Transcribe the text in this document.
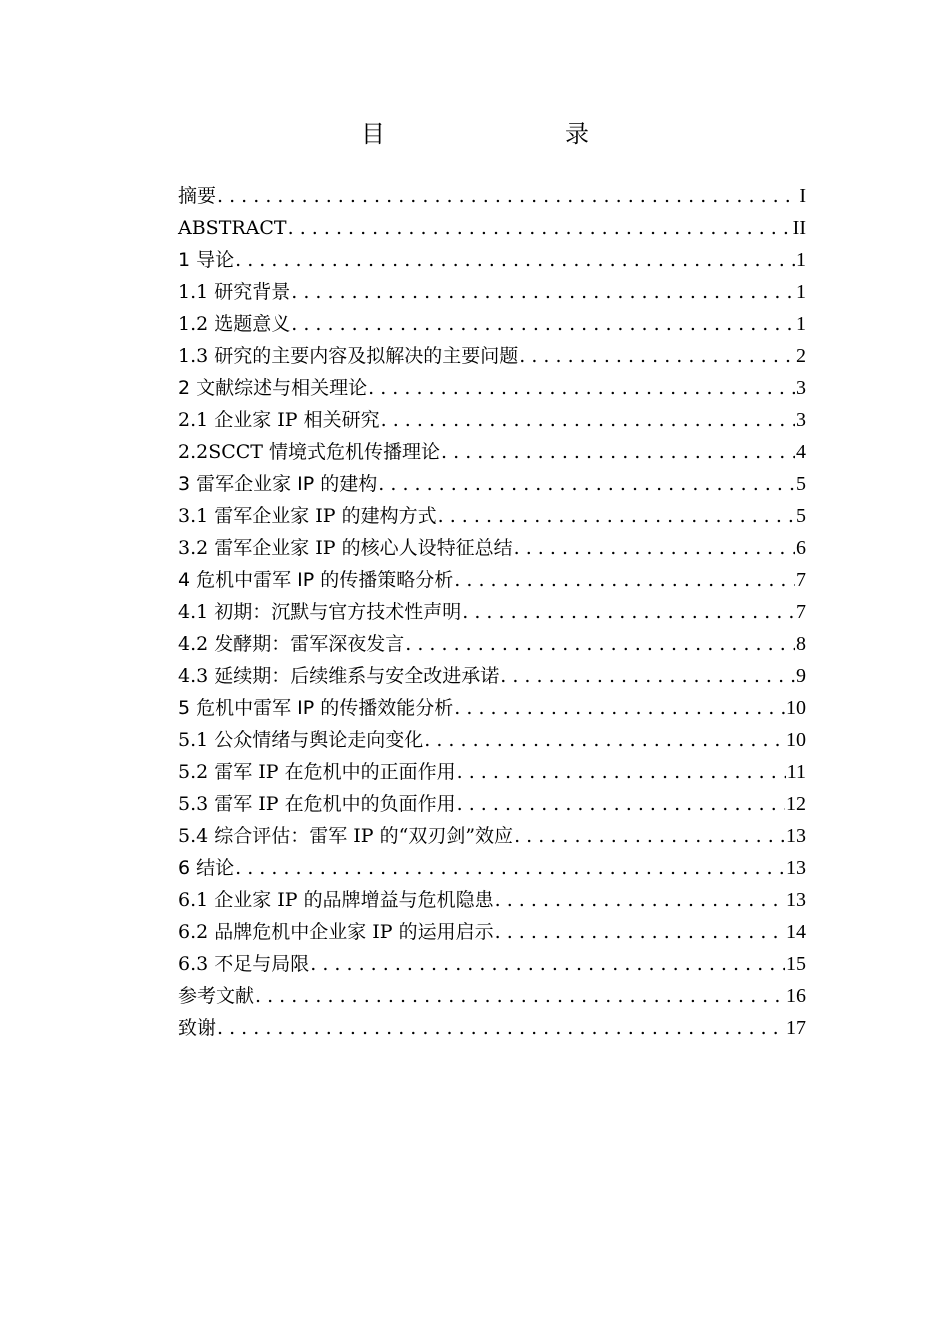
目　　录
摘要 . . .	I
ABSTRACT . . .	II
1 导论 . . .	1
1.1 研究背景 . . .	1
1.2 选题意义 . . .	1
1.3 研究的主要内容及拟解决的主要问题 . . .	2
2 文献综述与相关理论 . . .	3
2.1 企业家 IP 相关研究 . . .	3
2.2SCCT 情境式危机传播理论 . . .	4
3 雷军企业家 IP 的建构 . . .	5
3.1 雷军企业家 IP 的建构方式 . . .	5
3.2 雷军企业家 IP 的核心人设特征总结 . . .	6
4 危机中雷军 IP 的传播策略分析 . . .	7
4.1 初期：沉默与官方技术性声明 . . .	7
4.2 发酵期：雷军深夜发言 . . .	8
4.3 延续期：后续维系与安全改进承诺 . . .	9
5 危机中雷军 IP 的传播效能分析 . . .	10
5.1 公众情绪与舆论走向变化 . . .	10
5.2 雷军 IP 在危机中的正面作用 . . .	11
5.3 雷军 IP 在危机中的负面作用 . . .	12
5.4 综合评估：雷军 IP 的“双刃剑”效应 . . .	13
6 结论 . . .	13
6.1 企业家 IP 的品牌增益与危机隐患 . . .	13
6.2 品牌危机中企业家 IP 的运用启示 . . .	14
6.3 不足与局限 . . .	15
参考文献 . . .	16
致谢 . . .	17
